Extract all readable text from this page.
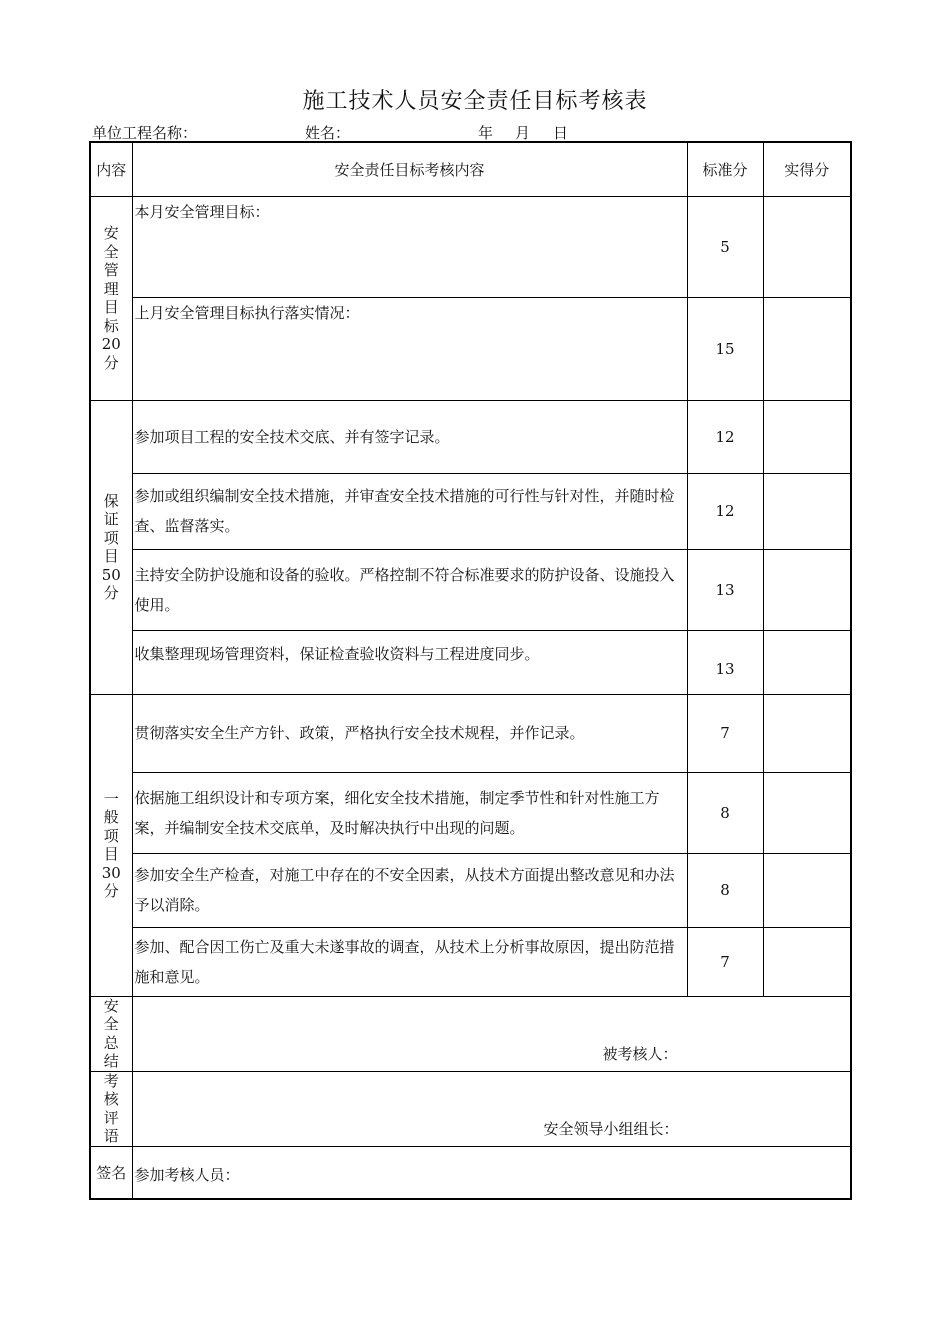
施工技术人员安全责任目标考核表
单位工程名称：	姓名：	年 月 日
内容	安全责任目标考核内容	标准分	实得分
安全管理目标20分	本月安全管理目标：	5	
	上月安全管理目标执行落实情况：	15	
保证项目50分	参加项目工程的安全技术交底、并有签字记录。	12	
	参加或组织编制安全技术措施，并审查安全技术措施的可行性与针对性，并随时检查、监督落实。	12	
	主持安全防护设施和设备的验收。严格控制不符合标准要求的防护设备、设施投入使用。	13	
	收集整理现场管理资料，保证检查验收资料与工程进度同步。	13	
一般项目30分	贯彻落实安全生产方针、政策，严格执行安全技术规程，并作记录。	7	
	依据施工组织设计和专项方案，细化安全技术措施，制定季节性和针对性施工方案，并编制安全技术交底单，及时解决执行中出现的问题。	8	
	参加安全生产检查，对施工中存在的不安全因素，从技术方面提出整改意见和办法予以消除。	8	
	参加、配合因工伤亡及重大未遂事故的调查，从技术上分析事故原因，提出防范措施和意见。	7	
安全总结	被考核人：		

考核评语	安全领导小组组长：		

签名	参加考核人员：		
